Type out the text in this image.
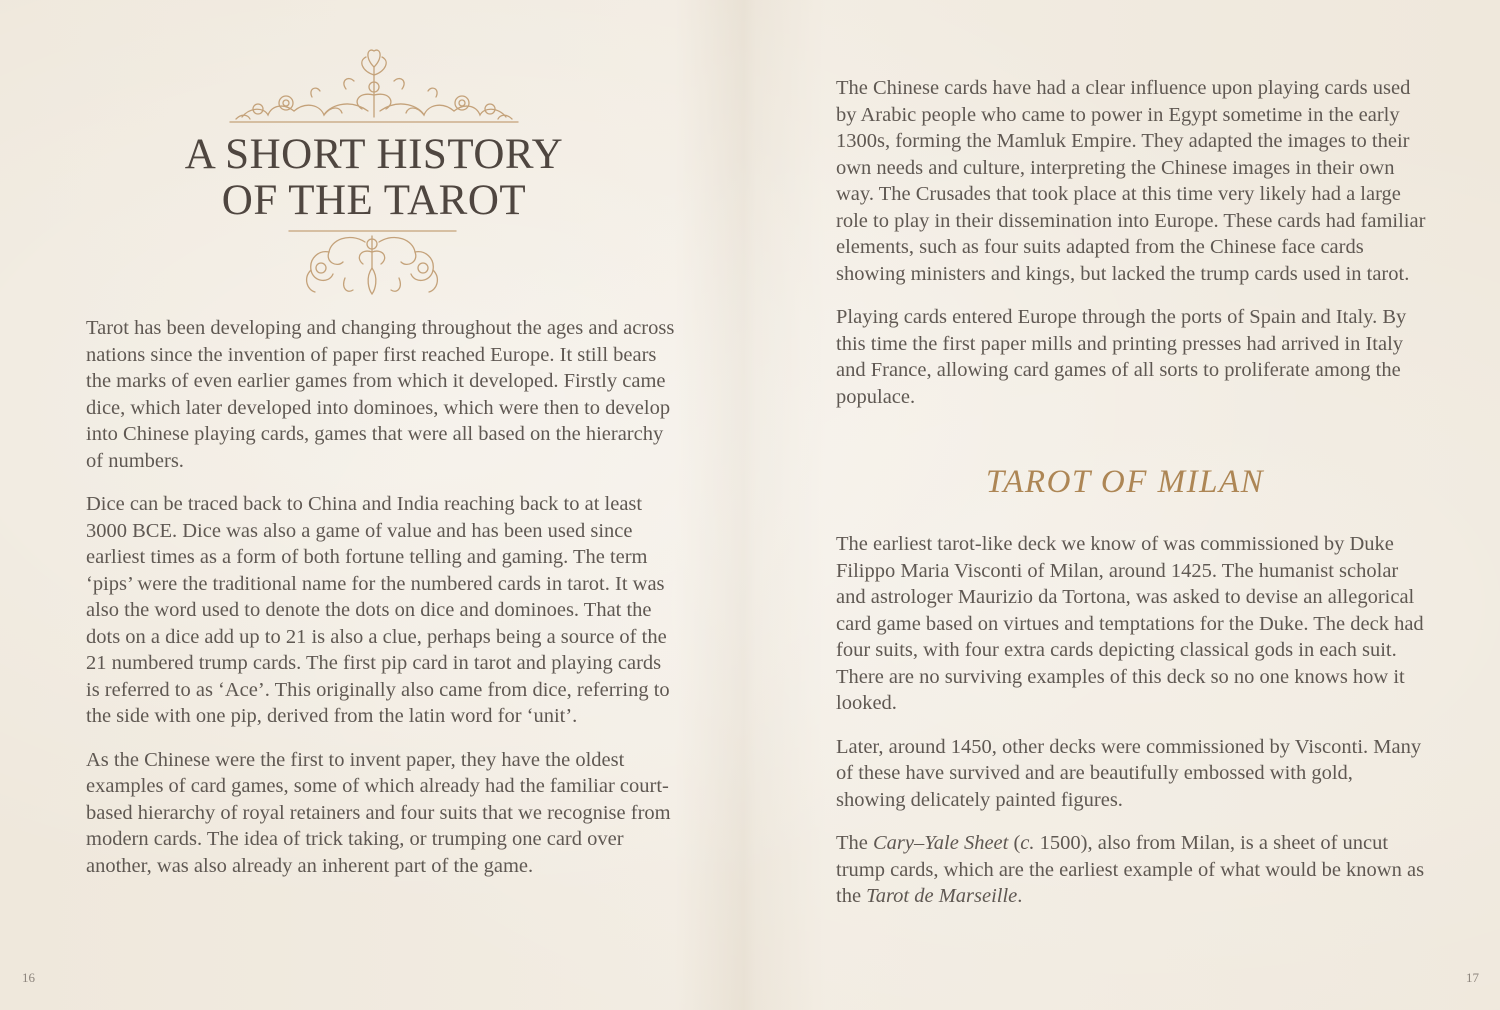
A SHORT HISTORY
OF THE TAROT

Tarot has been developing and changing throughout the ages and across nations since the invention of paper first reached Europe. It still bears the marks of even earlier games from which it developed. Firstly came dice, which later developed into dominoes, which were then to develop into Chinese playing cards, games that were all based on the hierarchy of numbers.

Dice can be traced back to China and India reaching back to at least 3000 BCE. Dice was also a game of value and has been used since earliest times as a form of both fortune telling and gaming. The term ‘pips’ were the traditional name for the numbered cards in tarot. It was also the word used to denote the dots on dice and dominoes. That the dots on a dice add up to 21 is also a clue, perhaps being a source of the 21 numbered trump cards. The first pip card in tarot and playing cards is referred to as ‘Ace’. This originally also came from dice, referring to the side with one pip, derived from the latin word for ‘unit’.

As the Chinese were the first to invent paper, they have the oldest examples of card games, some of which already had the familiar court-based hierarchy of royal retainers and four suits that we recognise from modern cards. The idea of trick taking, or trumping one card over another, was also already an inherent part of the game.

16

The Chinese cards have had a clear influence upon playing cards used by Arabic people who came to power in Egypt sometime in the early 1300s, forming the Mamluk Empire. They adapted the images to their own needs and culture, interpreting the Chinese images in their own way. The Crusades that took place at this time very likely had a large role to play in their dissemination into Europe. These cards had familiar elements, such as four suits adapted from the Chinese face cards showing ministers and kings, but lacked the trump cards used in tarot.

Playing cards entered Europe through the ports of Spain and Italy. By this time the first paper mills and printing presses had arrived in Italy and France, allowing card games of all sorts to proliferate among the populace.

TAROT OF MILAN

The earliest tarot-like deck we know of was commissioned by Duke Filippo Maria Visconti of Milan, around 1425. The humanist scholar and astrologer Maurizio da Tortona, was asked to devise an allegorical card game based on virtues and temptations for the Duke. The deck had four suits, with four extra cards depicting classical gods in each suit. There are no surviving examples of this deck so no one knows how it looked.

Later, around 1450, other decks were commissioned by Visconti. Many of these have survived and are beautifully embossed with gold, showing delicately painted figures.

The Cary–Yale Sheet (c. 1500), also from Milan, is a sheet of uncut trump cards, which are the earliest example of what would be known as the Tarot de Marseille.

17
